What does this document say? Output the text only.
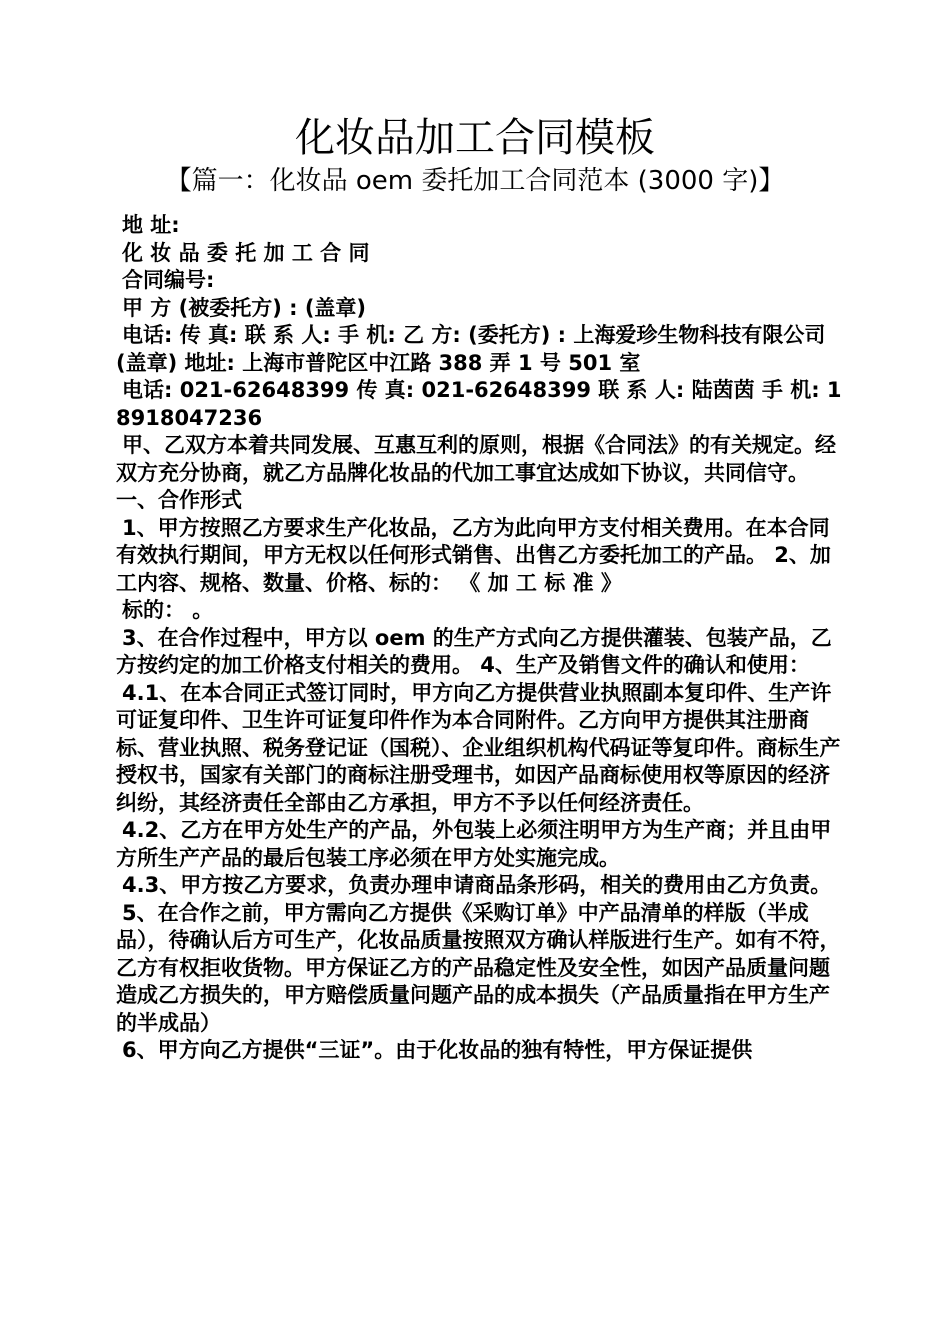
化妆品加工合同模板
【篇一：化妆品 oem 委托加工合同范本 (3000 字)】

地 址:

化 妆 品 委 托 加 工 合 同

合同编号:

甲 方 (被委托方) : (盖章)

电话: 传 真: 联 系 人: 手 机: 乙 方: (委托方) : 上海爱珍生物科技有限公司 (盖章) 地址: 上海市普陀区中江路 388 弄 1 号 501 室

电话: 021-62648399 传 真: 021-62648399 联 系 人: 陆茵茵 手 机: 18918047236

甲、乙双方本着共同发展、互惠互利的原则，根据《合同法》的有关规定。经双方充分协商，就乙方品牌化妆品的代加工事宜达成如下协议，共同信守。 一、合作形式

1、甲方按照乙方要求生产化妆品，乙方为此向甲方支付相关费用。在本合同有效执行期间，甲方无权以任何形式销售、出售乙方委托加工的产品。 2、加工内容、规格、数量、价格、标的： 《 加 工 标 准 》

标的： 。

3、在合作过程中，甲方以 oem 的生产方式向乙方提供灌装、包装产品，乙方按约定的加工价格支付相关的费用。 4、生产及销售文件的确认和使用：

4.1、在本合同正式签订同时，甲方向乙方提供营业执照副本复印件、生产许可证复印件、卫生许可证复印件作为本合同附件。乙方向甲方提供其注册商标、营业执照、税务登记证（国税）、企业组织机构代码证等复印件。商标生产授权书，国家有关部门的商标注册受理书，如因产品商标使用权等原因的经济纠纷，其经济责任全部由乙方承担，甲方不予以任何经济责任。

4.2、乙方在甲方处生产的产品，外包装上必须注明甲方为生产商；并且由甲方所生产产品的最后包装工序必须在甲方处实施完成。

4.3、甲方按乙方要求，负责办理申请商品条形码，相关的费用由乙方负责。

5、在合作之前，甲方需向乙方提供《采购订单》中产品清单的样版（半成品），待确认后方可生产，化妆品质量按照双方确认样版进行生产。如有不符，乙方有权拒收货物。甲方保证乙方的产品稳定性及安全性，如因产品质量问题造成乙方损失的，甲方赔偿质量问题产品的成本损失（产品质量指在甲方生产的半成品）

6、甲方向乙方提供“三证”。由于化妆品的独有特性，甲方保证提供
